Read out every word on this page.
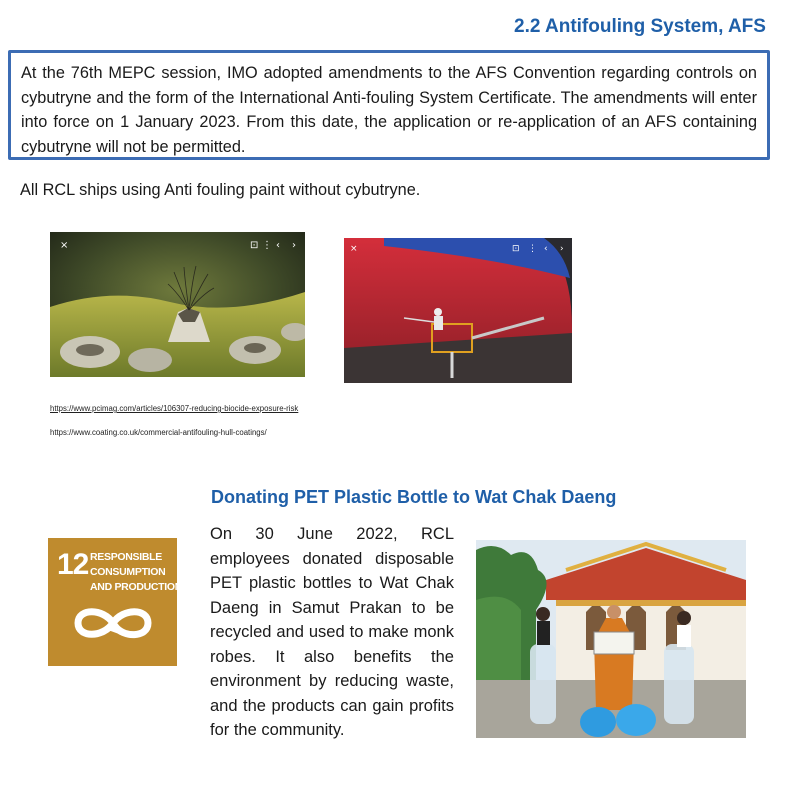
2.2 Antifouling System, AFS

At the 76th MEPC session, IMO adopted amendments to the AFS Convention regarding controls on cybutryne and the form of the International Anti-fouling System Certificate. The amendments will enter into force on 1 January 2023. From this date, the application or re-application of an AFS containing cybutryne will not be permitted.

All RCL ships using Anti fouling paint without cybutryne.
×	⊡ ⋮ ‹ ›	×	⊡ ⋮ ‹ ›
https://www.pcimag.com/articles/106307-reducing-biocide-exposure-risk
https://www.coating.co.uk/commercial-antifouling-hull-coatings/
Donating PET Plastic Bottle to Wat Chak Daeng
12 RESPONSIBLE
CONSUMPTION
AND PRODUCTION

On 30 June 2022, RCL employees donated disposable PET plastic bottles to Wat Chak Daeng in Samut Prakan to be recycled and used to make monk robes. It also benefits the environment by reducing waste, and the products can gain profits for the community.
